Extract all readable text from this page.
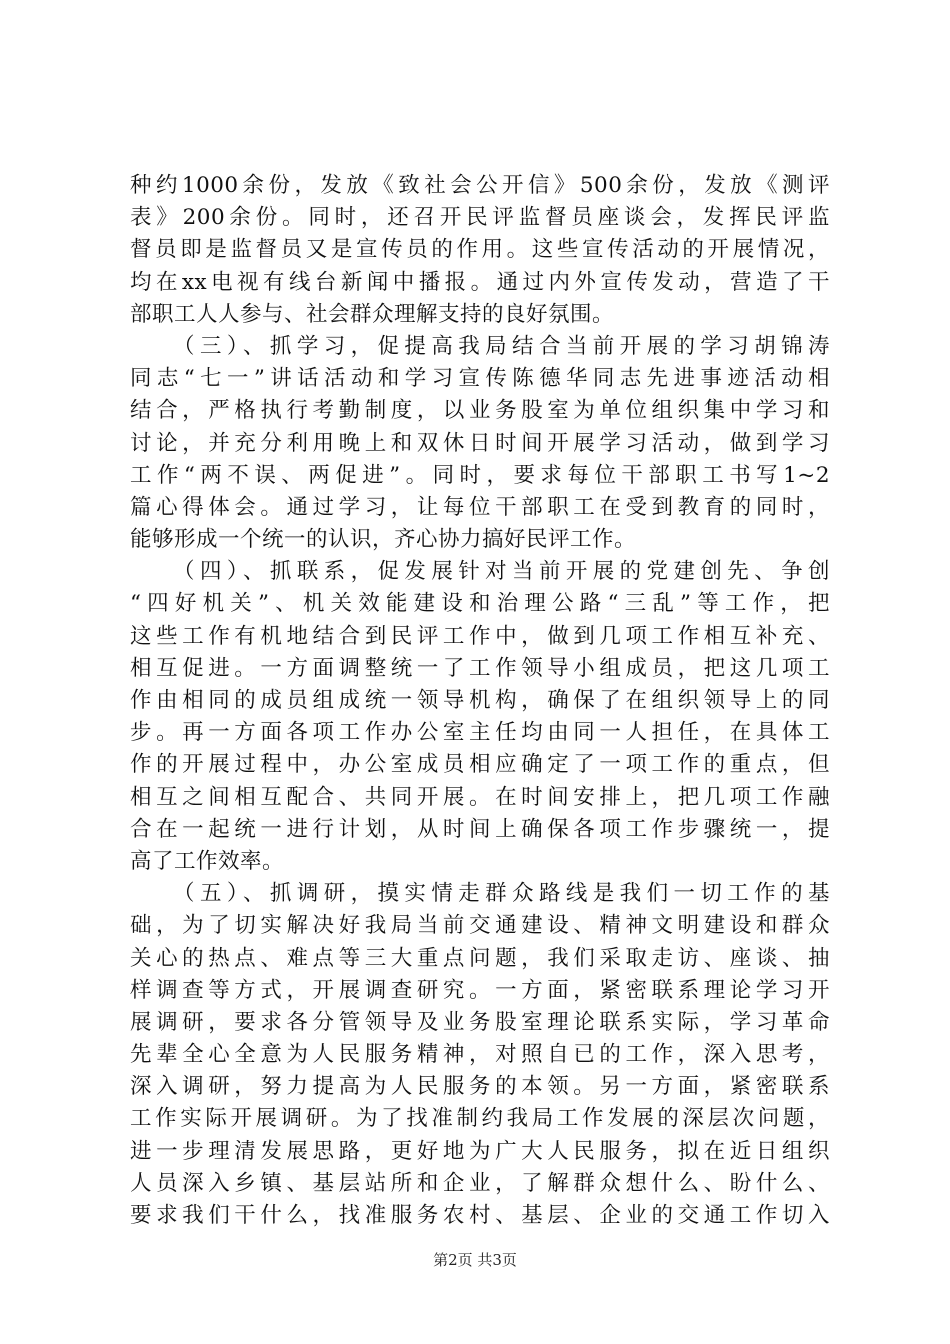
种约1000余份，发放《致社会公开信》500余份，发放《测评
表》200余份。同时，还召开民评监督员座谈会，发挥民评监
督员即是监督员又是宣传员的作用。这些宣传活动的开展情况，
均在xx电视有线台新闻中播报。通过内外宣传发动，营造了干
部职工人人参与、社会群众理解支持的良好氛围。
　　（三）、抓学习，促提高我局结合当前开展的学习胡锦涛
同志“七一”讲话活动和学习宣传陈德华同志先进事迹活动相
结合，严格执行考勤制度，以业务股室为单位组织集中学习和
讨论，并充分利用晚上和双休日时间开展学习活动，做到学习
工作“两不误、两促进”。同时，要求每位干部职工书写1~2
篇心得体会。通过学习，让每位干部职工在受到教育的同时，
能够形成一个统一的认识，齐心协力搞好民评工作。
　　（四）、抓联系，促发展针对当前开展的党建创先、争创
“四好机关”、机关效能建设和治理公路“三乱”等工作，把
这些工作有机地结合到民评工作中，做到几项工作相互补充、
相互促进。一方面调整统一了工作领导小组成员，把这几项工
作由相同的成员组成统一领导机构，确保了在组织领导上的同
步。再一方面各项工作办公室主任均由同一人担任，在具体工
作的开展过程中，办公室成员相应确定了一项工作的重点，但
相互之间相互配合、共同开展。在时间安排上，把几项工作融
合在一起统一进行计划，从时间上确保各项工作步骤统一，提
高了工作效率。
　　（五）、抓调研，摸实情走群众路线是我们一切工作的基
础，为了切实解决好我局当前交通建设、精神文明建设和群众
关心的热点、难点等三大重点问题，我们采取走访、座谈、抽
样调查等方式，开展调查研究。一方面，紧密联系理论学习开
展调研，要求各分管领导及业务股室理论联系实际，学习革命
先辈全心全意为人民服务精神，对照自已的工作，深入思考，
深入调研，努力提高为人民服务的本领。另一方面，紧密联系
工作实际开展调研。为了找准制约我局工作发展的深层次问题，
进一步理清发展思路，更好地为广大人民服务，拟在近日组织
人员深入乡镇、基层站所和企业，了解群众想什么、盼什么、
要求我们干什么，找准服务农村、基层、企业的交通工作切入
第2页 共3页
